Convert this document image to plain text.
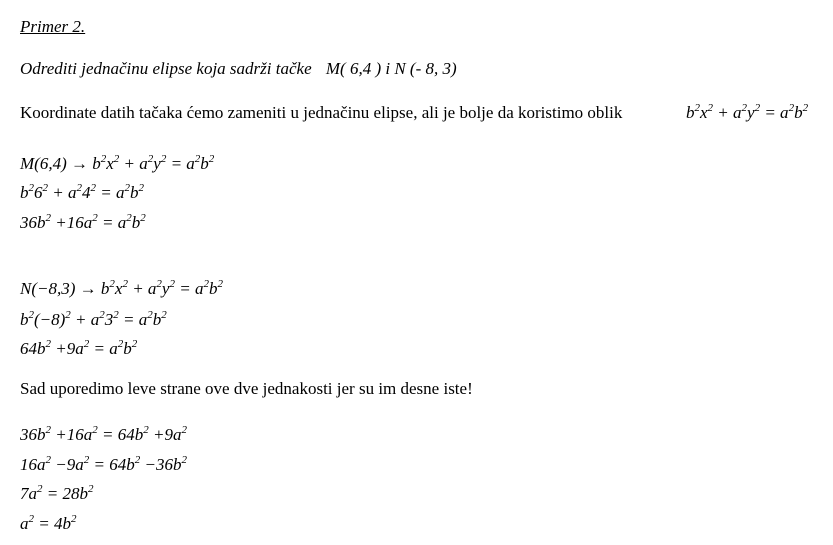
Primer 2.
Odrediti jednačinu elipse koja sadrži tačke M( 6,4 ) i N (- 8, 3)
Koordinate datih tačaka ćemo zameniti u jednačinu elipse, ali je bolje da koristimo oblik	$b^2x^2 + a^2y^2 = a^2b^2$
$M(6,4) \to b^2x^2 + a^2y^2 = a^2b^2$
$b^26^2 + a^24^2 = a^2b^2$
$36b^2 +16a^2 = a^2b^2$
$N(-8,3) \to b^2x^2 + a^2y^2 = a^2b^2$
$b^2(-8)^2 + a^23^2 = a^2b^2$
$64b^2 +9a^2 = a^2b^2$
Sad uporedimo leve strane ove dve jednakosti jer su im desne iste!
$36b^2 +16a^2 = 64b^2 +9a^2$
$16a^2 -9a^2 = 64b^2 -36b^2$
$7a^2 = 28b^2$
$a^2 = 4b^2$
